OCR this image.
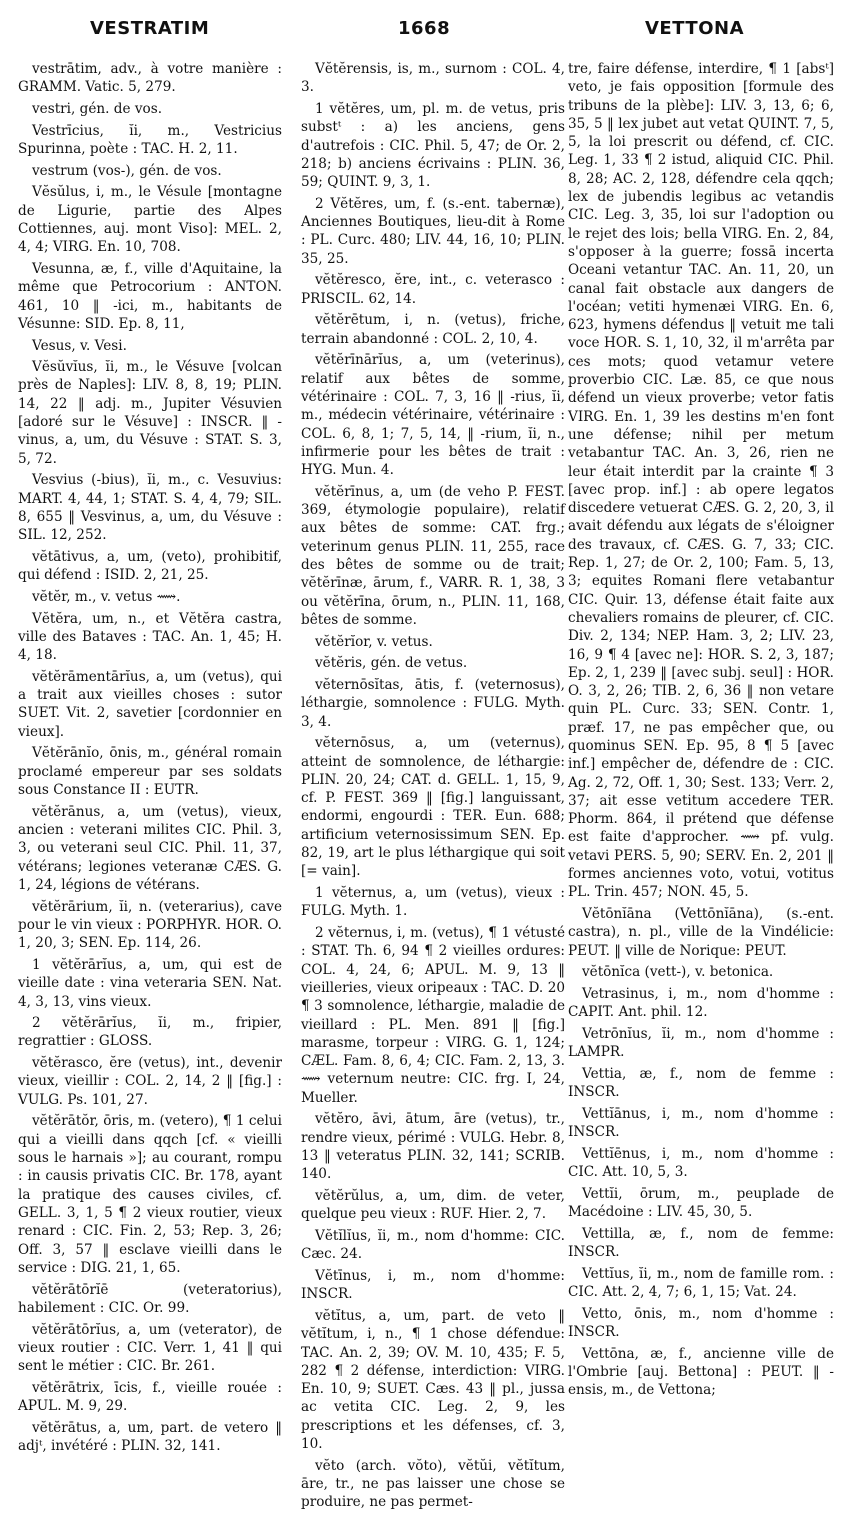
VESTRATIM	1668	VETTONA

vestrātim, adv., à votre manière : GRAMM. Vatic. 5, 279.

vestri, gén. de vos.

Vestrīcius, ĭi, m., Vestricius Spurinna, poète : TAC. H. 2, 11.

vestrum (vos-), gén. de vos.

Vĕsŭlus, i, m., le Vésule [montagne de Ligurie, partie des Alpes Cottiennes, auj. mont Viso]: MEL. 2, 4, 4; VIRG. En. 10, 708.

Vesunna, æ, f., ville d'Aquitaine, la même que Petrocorium : ANTON. 461, 10 ‖ -ici, m., habitants de Vésunne: SID. Ep. 8, 11,

Vesus, v. Vesi.

Vĕsŭvĭus, ĭi, m., le Vésuve [volcan près de Naples]: LIV. 8, 8, 19; PLIN. 14, 22 ‖ adj. m., Jupiter Vésuvien [adoré sur le Vésuve] : INSCR. ‖ -vinus, a, um, du Vésuve : STAT. S. 3, 5, 72.

Vesvius (-bius), ĭi, m., c. Vesuvius: MART. 4, 44, 1; STAT. S. 4, 4, 79; SIL. 8, 655 ‖ Vesvinus, a, um, du Vésuve : SIL. 12, 252.

vĕtātivus, a, um, (veto), prohibitif, qui défend : ISID. 2, 21, 25.

vĕtĕr, m., v. vetus ⟿.

Vĕtĕra, um, n., et Vĕtĕra castra, ville des Bataves : TAC. An. 1, 45; H. 4, 18.

vĕtĕrāmentārĭus, a, um (vetus), qui a trait aux vieilles choses : sutor SUET. Vit. 2, savetier [cordonnier en vieux].

Vĕtĕrānĭo, ōnis, m., général romain proclamé empereur par ses soldats sous Constance II : EUTR.

vĕtĕrānus, a, um (vetus), vieux, ancien : veterani milites CIC. Phil. 3, 3, ou veterani seul CIC. Phil. 11, 37, vétérans; legiones veteranæ CÆS. G. 1, 24, légions de vétérans.

vĕtĕrārium, ĭi, n. (veterarius), cave pour le vin vieux : PORPHYR. HOR. O. 1, 20, 3; SEN. Ep. 114, 26.

1 vĕtĕrārĭus, a, um, qui est de vieille date : vina veteraria SEN. Nat. 4, 3, 13, vins vieux.

2 vĕtĕrārĭus, ĭi, m., fripier, regrattier : GLOSS.

vĕtĕrasco, ĕre (vetus), int., devenir vieux, vieillir : COL. 2, 14, 2 ‖ [fig.] : VULG. Ps. 101, 27.

vĕtĕrātŏr, ōris, m. (vetero), ¶ 1 celui qui a vieilli dans qqch [cf. « vieilli sous le harnais »]; au courant, rompu : in causis privatis CIC. Br. 178, ayant la pratique des causes civiles, cf. GELL. 3, 1, 5 ¶ 2 vieux routier, vieux renard : CIC. Fin. 2, 53; Rep. 3, 26; Off. 3, 57 ‖ esclave vieilli dans le service : DIG. 21, 1, 65.

vĕtĕrātōrĭē (veteratorius), habilement : CIC. Or. 99.

vĕtĕrātōrĭus, a, um (veterator), de vieux routier : CIC. Verr. 1, 41 ‖ qui sent le métier : CIC. Br. 261.

vĕtĕrātrix, īcis, f., vieille rouée : APUL. M. 9, 29.

vĕtĕrātus, a, um, part. de vetero ‖ adjᵗ, invétéré : PLIN. 32, 141.

Vĕtĕrensis, is, m., surnom : COL. 4, 3.

1 vĕtĕres, um, pl. m. de vetus, pris substᵗ : a) les anciens, gens d'autrefois : CIC. Phil. 5, 47; de Or. 2, 218; b) anciens écrivains : PLIN. 36, 59; QUINT. 9, 3, 1.

2 Vĕtĕres, um, f. (s.-ent. tabernæ), Anciennes Boutiques, lieu-dit à Rome : PL. Curc. 480; LIV. 44, 16, 10; PLIN. 35, 25.

vĕtĕresco, ĕre, int., c. veterasco : PRISCIL. 62, 14.

vĕtĕrētum, i, n. (vetus), friche, terrain abandonné : COL. 2, 10, 4.

vĕtĕrīnārĭus, a, um (veterinus), relatif aux bêtes de somme, vétérinaire : COL. 7, 3, 16 ‖ -rius, ĭi, m., médecin vétérinaire, vétérinaire : COL. 6, 8, 1; 7, 5, 14, ‖ -rium, ĭi, n., infirmerie pour les bêtes de trait : HYG. Mun. 4.

vĕtĕrīnus, a, um (de veho P. FEST. 369, étymologie populaire), relatif aux bêtes de somme: CAT. frg.; veterinum genus PLIN. 11, 255, race des bêtes de somme ou de trait; vĕtĕrīnæ, ārum, f., VARR. R. 1, 38, 3 ou vĕtĕrīna, ōrum, n., PLIN. 11, 168, bêtes de somme.

vĕtĕrĭor, v. vetus.

vĕtĕris, gén. de vetus.

vĕternōsĭtas, ātis, f. (veternosus), léthargie, somnolence : FULG. Myth. 3, 4.

vĕternōsus, a, um (veternus), atteint de somnolence, de léthargie: PLIN. 20, 24; CAT. d. GELL. 1, 15, 9, cf. P. FEST. 369 ‖ [fig.] languissant, endormi, engourdi : TER. Eun. 688; artificium veternosissimum SEN. Ep. 82, 19, art le plus léthargique qui soit [= vain].

1 vĕternus, a, um (vetus), vieux : FULG. Myth. 1.

2 vĕternus, i, m. (vetus), ¶ 1 vétusté : STAT. Th. 6, 94 ¶ 2 vieilles ordures: COL. 4, 24, 6; APUL. M. 9, 13 ‖ vieilleries, vieux oripeaux : TAC. D. 20 ¶ 3 somnolence, léthargie, maladie de vieillard : PL. Men. 891 ‖ [fig.] marasme, torpeur : VIRG. G. 1, 124; CÆL. Fam. 8, 6, 4; CIC. Fam. 2, 13, 3. ⟿ veternum neutre: CIC. frg. I, 24, Mueller.

vĕtĕro, āvi, ātum, āre (vetus), tr., rendre vieux, périmé : VULG. Hebr. 8, 13 ‖ veteratus PLIN. 32, 141; SCRIB. 140.

vĕtĕrŭlus, a, um, dim. de veter, quelque peu vieux : RUF. Hier. 2, 7.

Vĕtĭlĭus, ĭi, m., nom d'homme: CIC. Cæc. 24.

Vĕtīnus, i, m., nom d'homme: INSCR.

vĕtĭtus, a, um, part. de veto ‖ vĕtĭtum, i, n., ¶ 1 chose défendue: TAC. An. 2, 39; OV. M. 10, 435; F. 5, 282 ¶ 2 défense, interdiction: VIRG. En. 10, 9; SUET. Cæs. 43 ‖ pl., jussa ac vetita CIC. Leg. 2, 9, les prescriptions et les défenses, cf. 3, 10.

vĕto (arch. vŏto), vĕtŭi, vĕtĭtum, āre, tr., ne pas laisser une chose se produire, ne pas permet-

tre, faire défense, interdire, ¶ 1 [absᵗ] veto, je fais opposition [formule des tribuns de la plèbe]: LIV. 3, 13, 6; 6, 35, 5 ‖ lex jubet aut vetat QUINT. 7, 5, 5, la loi prescrit ou défend, cf. CIC. Leg. 1, 33 ¶ 2 istud, aliquid CIC. Phil. 8, 28; AC. 2, 128, défendre cela qqch; lex de jubendis legibus ac vetandis CIC. Leg. 3, 35, loi sur l'adoption ou le rejet des lois; bella VIRG. En. 2, 84, s'opposer à la guerre; fossā incerta Oceani vetantur TAC. An. 11, 20, un canal fait obstacle aux dangers de l'océan; vetiti hymenæi VIRG. En. 6, 623, hymens défendus ‖ vetuit me tali voce HOR. S. 1, 10, 32, il m'arrêta par ces mots; quod vetamur vetere proverbio CIC. Læ. 85, ce que nous défend un vieux proverbe; vetor fatis VIRG. En. 1, 39 les destins m'en font une défense; nihil per metum vetabantur TAC. An. 3, 26, rien ne leur était interdit par la crainte ¶ 3 [avec prop. inf.] : ab opere legatos discedere vetuerat CÆS. G. 2, 20, 3, il avait défendu aux légats de s'éloigner des travaux, cf. CÆS. G. 7, 33; CIC. Rep. 1, 27; de Or. 2, 100; Fam. 5, 13, 3; equites Romani flere vetabantur CIC. Quir. 13, défense était faite aux chevaliers romains de pleurer, cf. CIC. Div. 2, 134; NEP. Ham. 3, 2; LIV. 23, 16, 9 ¶ 4 [avec ne]: HOR. S. 2, 3, 187; Ep. 2, 1, 239 ‖ [avec subj. seul] : HOR. O. 3, 2, 26; TIB. 2, 6, 36 ‖ non vetare quin PL. Curc. 33; SEN. Contr. 1, præf. 17, ne pas empêcher que, ou quominus SEN. Ep. 95, 8 ¶ 5 [avec inf.] empêcher de, défendre de : CIC. Ag. 2, 72, Off. 1, 30; Sest. 133; Verr. 2, 37; ait esse vetitum accedere TER. Phorm. 864, il prétend que défense est faite d'approcher. ⟿ pf. vulg. vetavi PERS. 5, 90; SERV. En. 2, 201 ‖ formes anciennes voto, votui, votitus PL. Trin. 457; NON. 45, 5.

Vĕtōnĭāna (Vettōnĭāna), (s.-ent. castra), n. pl., ville de la Vindélicie: PEUT. ‖ ville de Norique: PEUT.

vĕtōnĭca (vett-), v. betonica.

Vetrasinus, i, m., nom d'homme : CAPIT. Ant. phil. 12.

Vetrōnĭus, ĭi, m., nom d'homme : LAMPR.

Vettia, æ, f., nom de femme : INSCR.

Vettĭānus, i, m., nom d'homme : INSCR.

Vettĭēnus, i, m., nom d'homme : CIC. Att. 10, 5, 3.

Vettĭi, ōrum, m., peuplade de Macédoine : LIV. 45, 30, 5.

Vettilla, æ, f., nom de femme: INSCR.

Vettĭus, ĭi, m., nom de famille rom. : CIC. Att. 2, 4, 7; 6, 1, 15; Vat. 24.

Vetto, ōnis, m., nom d'homme : INSCR.

Vettōna, æ, f., ancienne ville de l'Ombrie [auj. Bettona] : PEUT. ‖ -ensis, m., de Vettona;
